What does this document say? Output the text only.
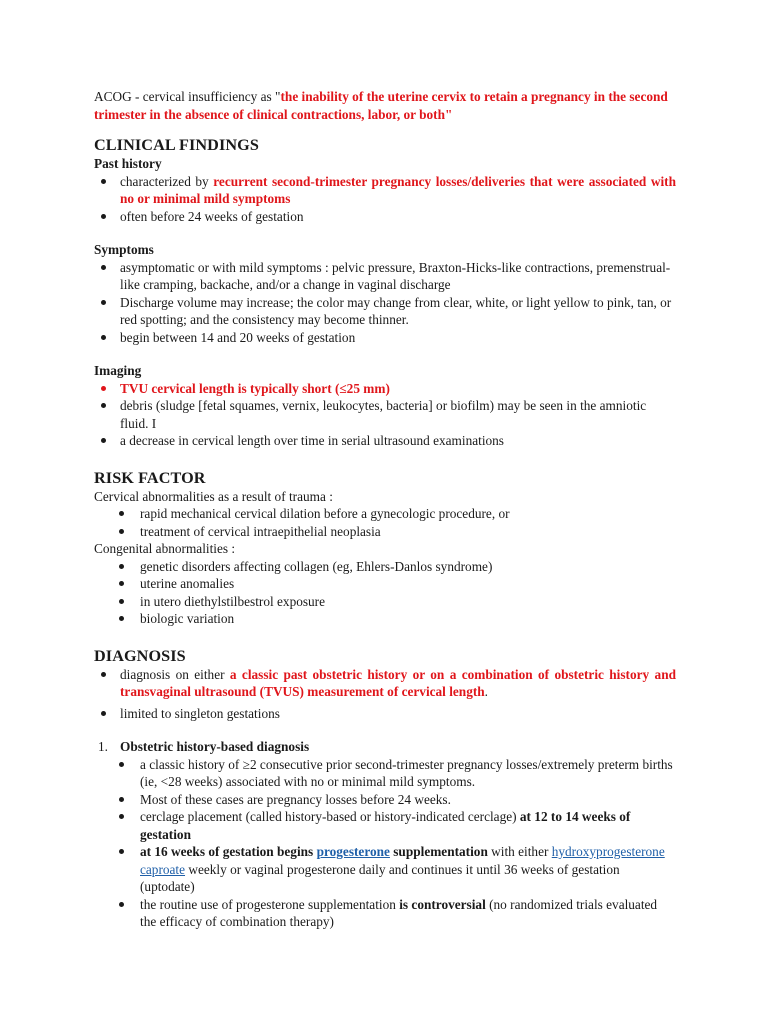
ACOG - cervical insufficiency as "the inability of the uterine cervix to retain a pregnancy in the second trimester in the absence of clinical contractions, labor, or both"

CLINICAL FINDINGS

Past history

characterized by recurrent second-trimester pregnancy losses/deliveries that were associated with no or minimal mild symptoms
often before 24 weeks of gestation

Symptoms

asymptomatic or with mild symptoms : pelvic pressure, Braxton-Hicks-like contractions, premenstrual-like cramping, backache, and/or a change in vaginal discharge
Discharge volume may increase; the color may change from clear, white, or light yellow to pink, tan, or red spotting; and the consistency may become thinner.
begin between 14 and 20 weeks of gestation

Imaging

TVU cervical length is typically short (≤25 mm)
debris (sludge [fetal squames, vernix, leukocytes, bacteria] or biofilm) may be seen in the amniotic fluid. I
a decrease in cervical length over time in serial ultrasound examinations
RISK FACTOR

Cervical abnormalities as a result of trauma :

rapid mechanical cervical dilation before a gynecologic procedure, or
treatment of cervical intraepithelial neoplasia

Congenital abnormalities :

genetic disorders affecting collagen (eg, Ehlers-Danlos syndrome)
uterine anomalies
in utero diethylstilbestrol exposure
biologic variation
DIAGNOSIS
diagnosis on either a classic past obstetric history or on a combination of obstetric history and transvaginal ultrasound (TVUS) measurement of cervical length.
limited to singleton gestations
1. Obstetric history-based diagnosis
a classic history of ≥2 consecutive prior second-trimester pregnancy losses/extremely preterm births (ie, <28 weeks) associated with no or minimal mild symptoms.
Most of these cases are pregnancy losses before 24 weeks.
cerclage placement (called history-based or history-indicated cerclage) at 12 to 14 weeks of gestation
at 16 weeks of gestation begins progesterone supplementation with either hydroxyprogesterone caproate weekly or vaginal progesterone daily and continues it until 36 weeks of gestation (uptodate)
the routine use of progesterone supplementation is controversial (no randomized trials evaluated the efficacy of combination therapy)
